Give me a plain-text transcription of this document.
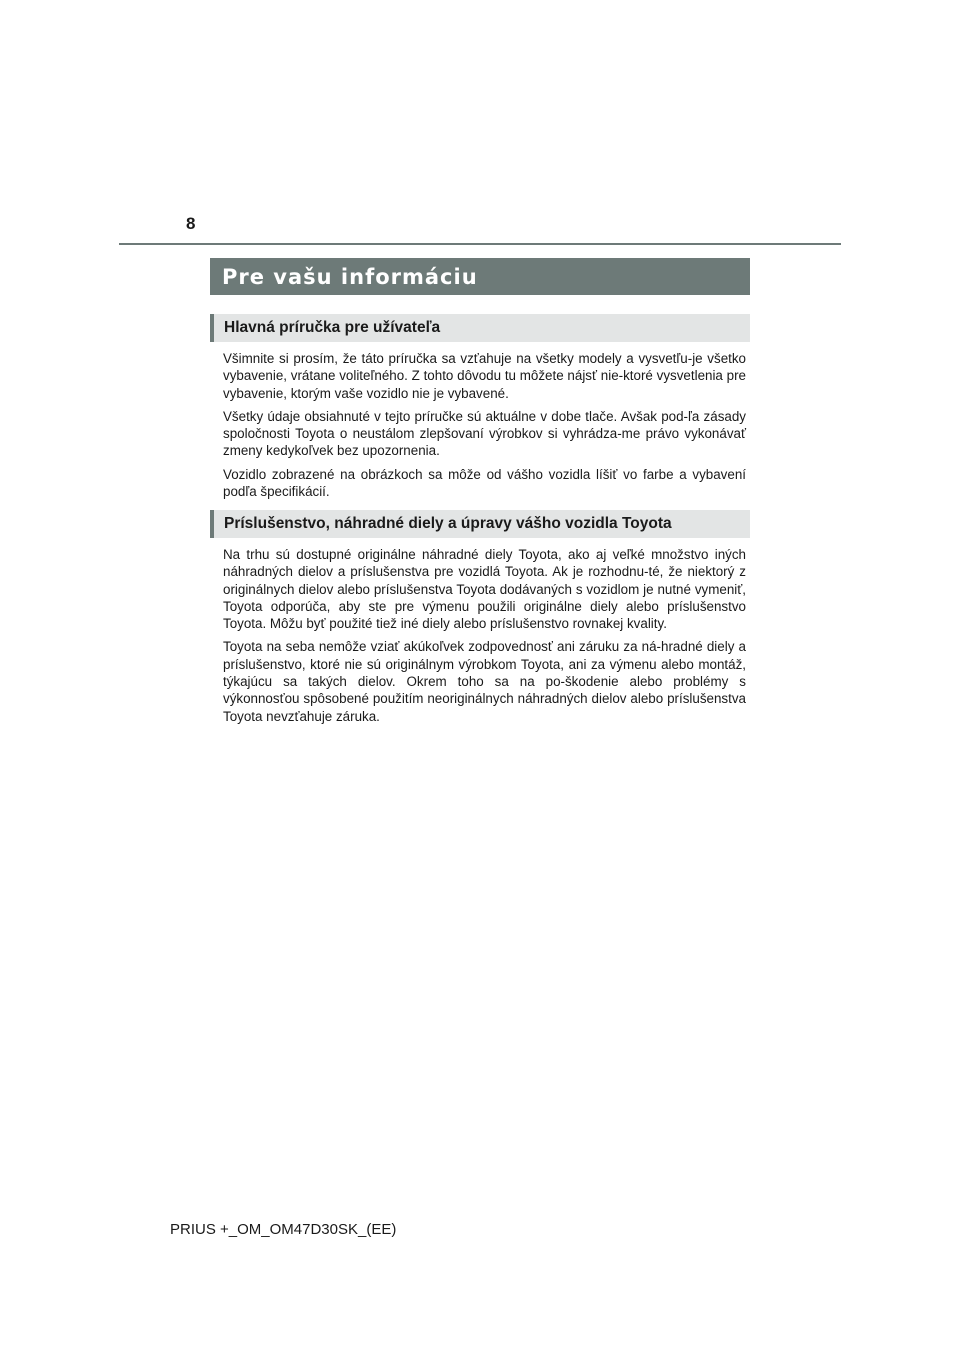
8
Pre vašu informáciu
Hlavná príručka pre užívateľa

Všimnite si prosím, že táto príručka sa vzťahuje na všetky modely a vysvetľu-je všetko vybavenie, vrátane voliteľného. Z tohto dôvodu tu môžete nájsť nie-ktoré vysvetlenia pre vybavenie, ktorým vaše vozidlo nie je vybavené.

Všetky údaje obsiahnuté v tejto príručke sú aktuálne v dobe tlače. Avšak pod-ľa zásady spoločnosti Toyota o neustálom zlepšovaní výrobkov si vyhrádza-me právo vykonávať zmeny kedykoľvek bez upozornenia.

Vozidlo zobrazené na obrázkoch sa môže od vášho vozidla líšiť vo farbe a vybavení podľa špecifikácií.

Príslušenstvo, náhradné diely a úpravy vášho vozidla Toyota

Na trhu sú dostupné originálne náhradné diely Toyota, ako aj veľké množstvo iných náhradných dielov a príslušenstva pre vozidlá Toyota. Ak je rozhodnu-té, že niektorý z originálnych dielov alebo príslušenstva Toyota dodávaných s vozidlom je nutné vymeniť, Toyota odporúča, aby ste pre výmenu použili originálne diely alebo príslušenstvo Toyota. Môžu byť použité tiež iné diely alebo príslušenstvo rovnakej kvality.

Toyota na seba nemôže vziať akúkoľvek zodpovednosť ani záruku za ná-hradné diely a príslušenstvo, ktoré nie sú originálnym výrobkom Toyota, ani za výmenu alebo montáž, týkajúcu sa takých dielov. Okrem toho sa na po-škodenie alebo problémy s výkonnosťou spôsobené použitím neoriginálnych náhradných dielov alebo príslušenstva Toyota nevzťahuje záruka.

PRIUS +_OM_OM47D30SK_(EE)
